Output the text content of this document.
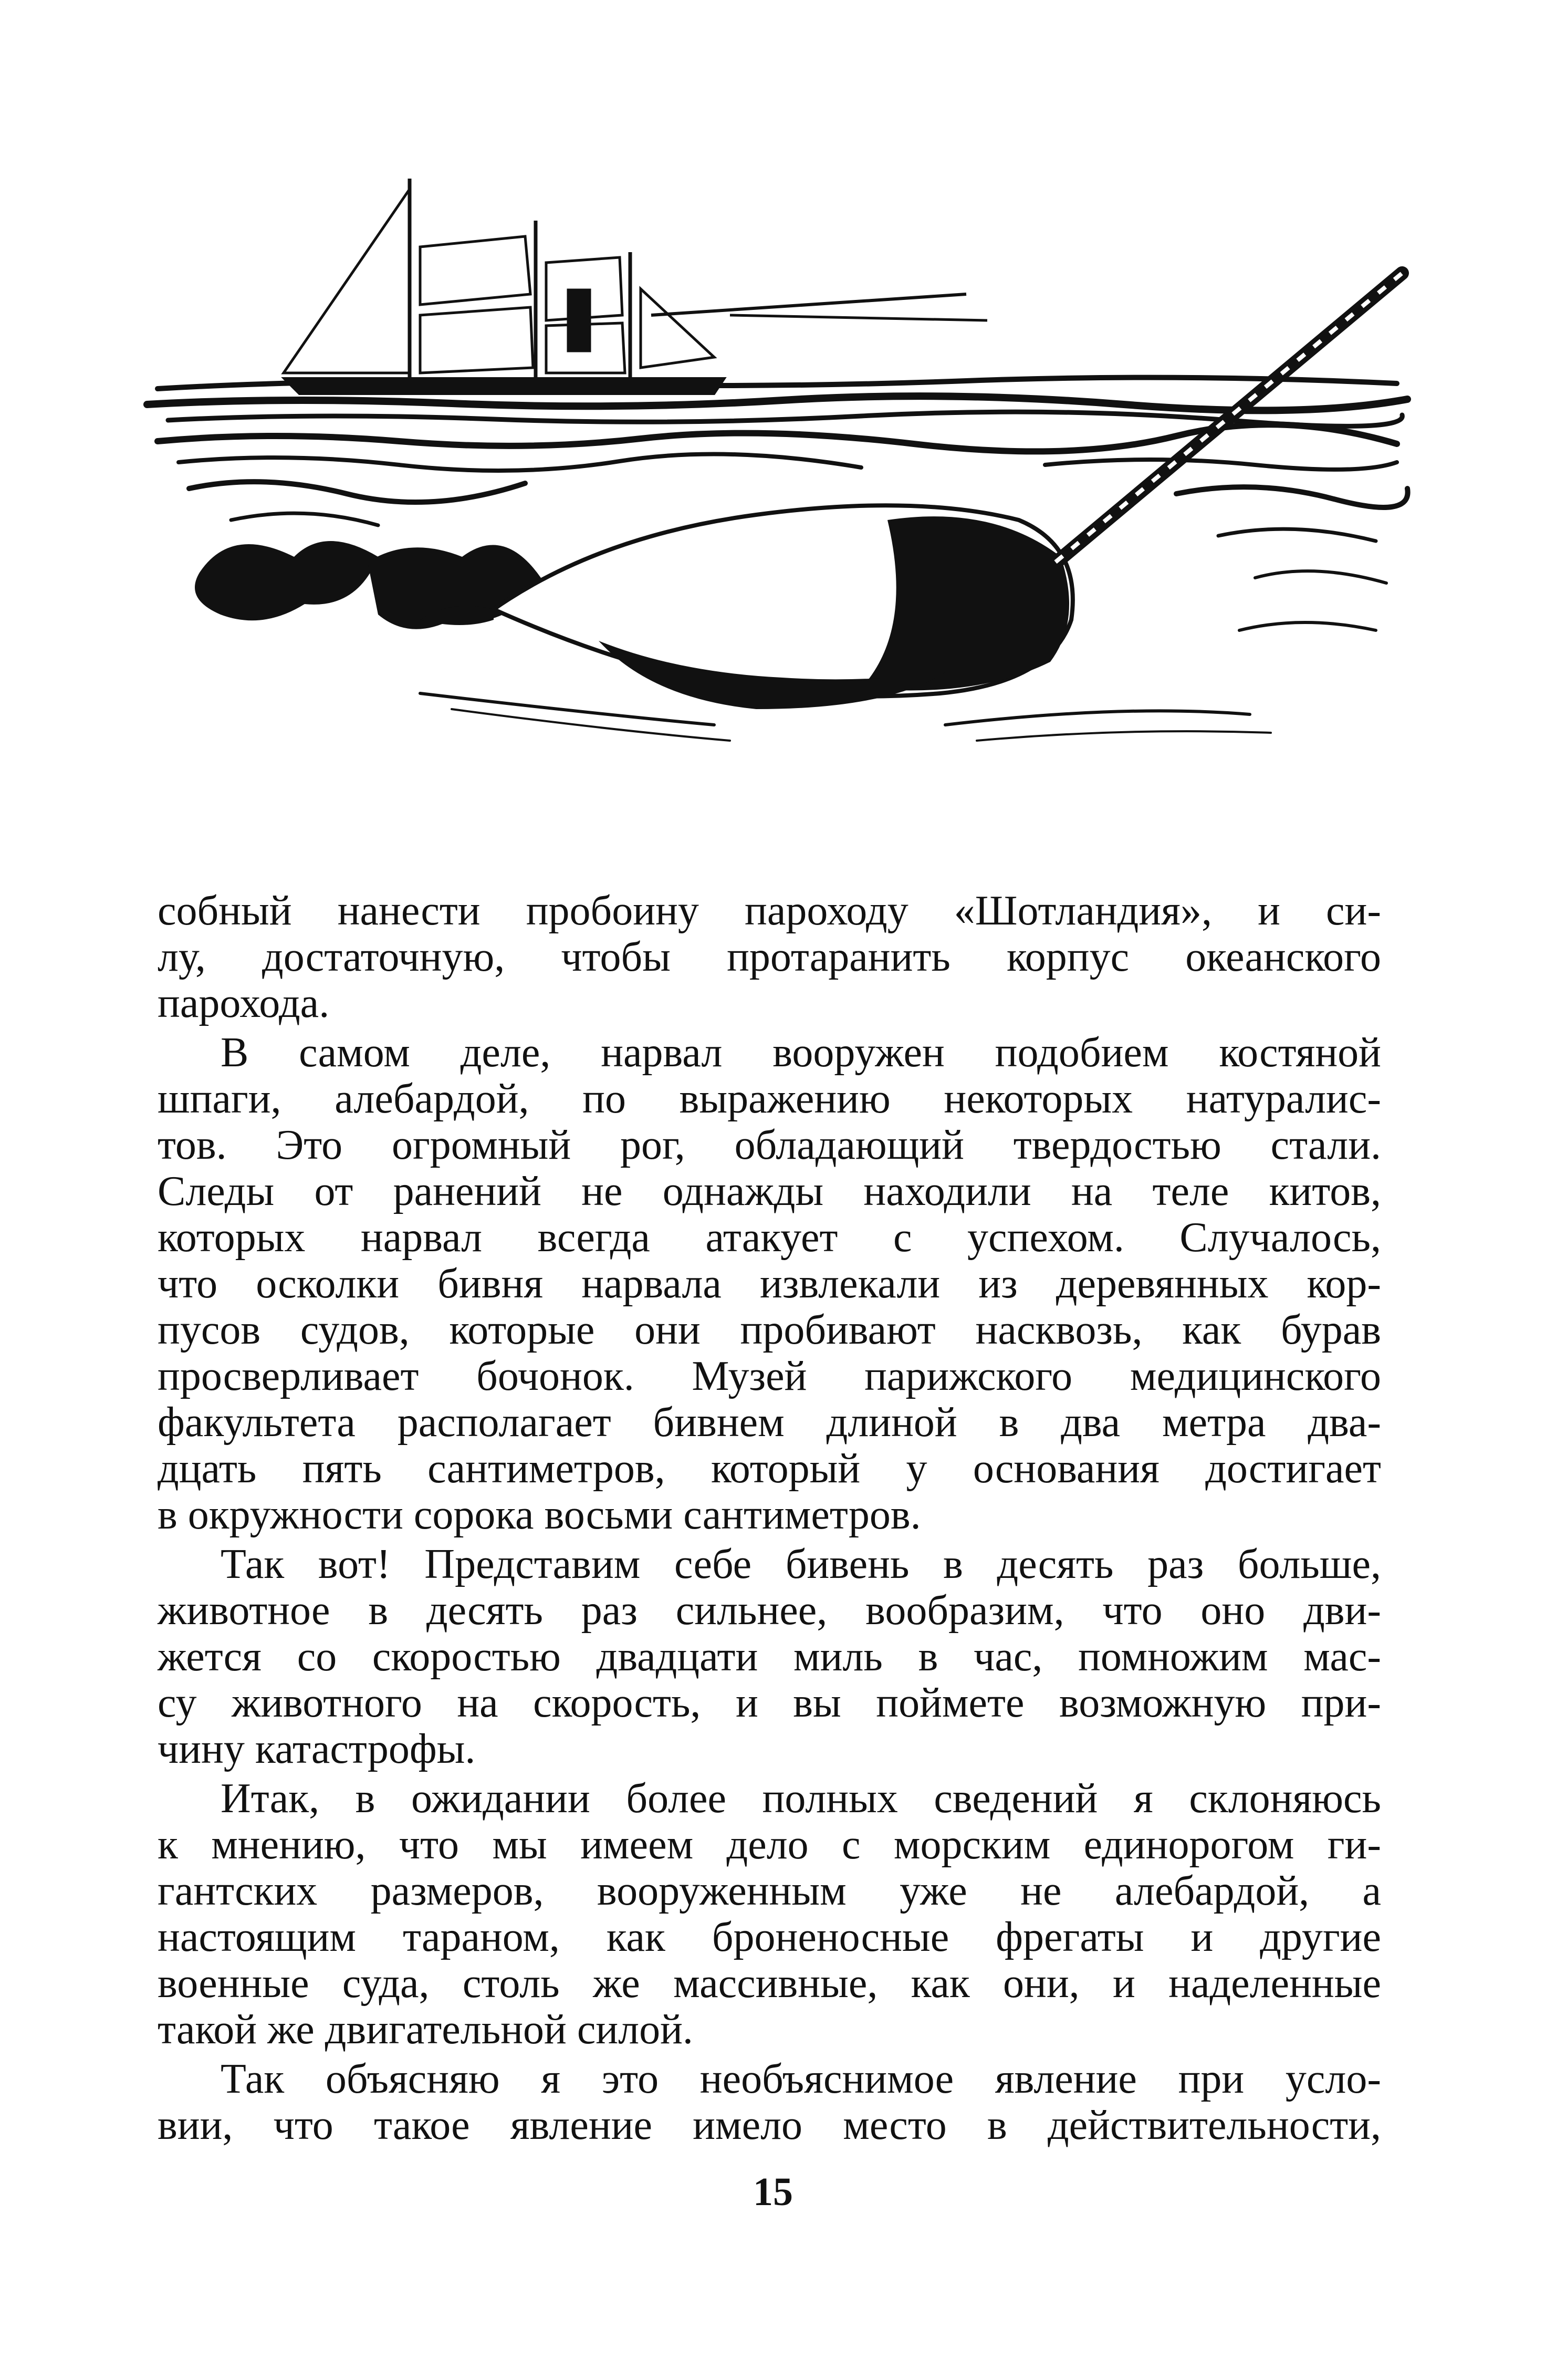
собный нанести пробоину пароходу «Шотландия», и си-
лу, достаточную, чтобы протаранить корпус океанского
парохода.

В самом деле, нарвал вооружен подобием костяной
шпаги, алебардой, по выражению некоторых натуралис-
тов. Это огромный рог, обладающий твердостью стали.
Следы от ранений не однажды находили на теле китов,
которых нарвал всегда атакует с успехом. Случалось,
что осколки бивня нарвала извлекали из деревянных кор-
пусов судов, которые они пробивают насквозь, как бурав
просверливает бочонок. Музей парижского медицинского
факультета располагает бивнем длиной в два метра два-
дцать пять сантиметров, который у основания достигает
в окружности сорока восьми сантиметров.

Так вот! Представим себе бивень в десять раз больше,
животное в десять раз сильнее, вообразим, что оно дви-
жется со скоростью двадцати миль в час, помножим мас-
су животного на скорость, и вы поймете возможную при-
чину катастрофы.

Итак, в ожидании более полных сведений я склоняюсь
к мнению, что мы имеем дело с морским единорогом ги-
гантских размеров, вооруженным уже не алебардой, а
настоящим тараном, как броненосные фрегаты и другие
военные суда, столь же массивные, как они, и наделенные
такой же двигательной силой.

Так объясняю я это необъяснимое явление при усло-
вии, что такое явление имело место в действительности,

15
